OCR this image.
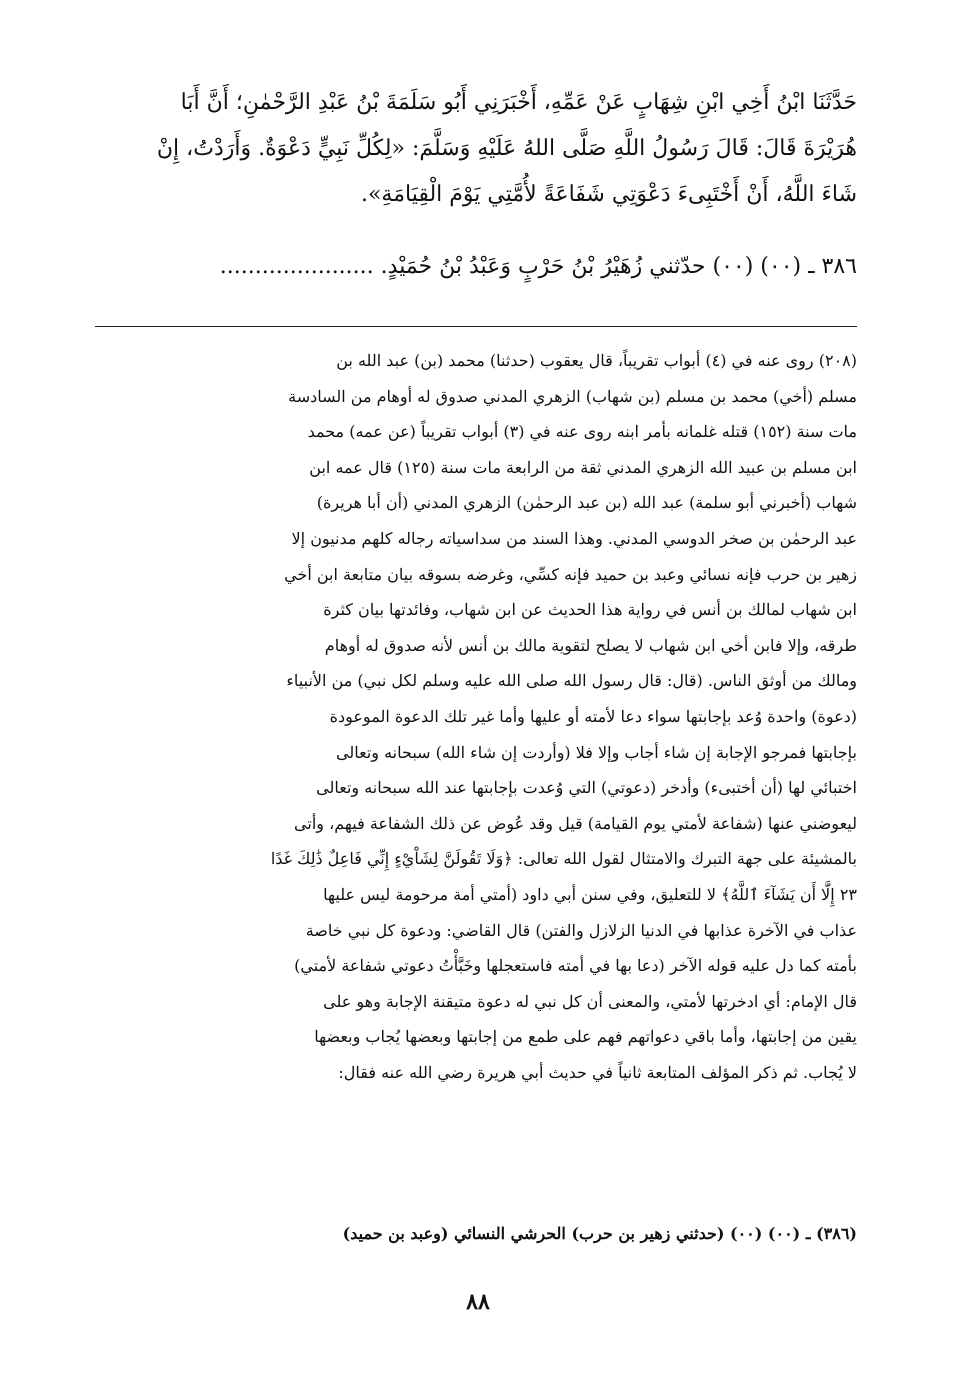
حَدَّثَنَا ابْنُ أَخِي ابْنِ شِهَابٍ عَنْ عَمِّهِ، أَخْبَرَنِي أَبُو سَلَمَةَ بْنُ عَبْدِ الرَّحْمٰنِ؛ أَنَّ أَبَا
هُرَيْرَةَ قَالَ: قَالَ رَسُولُ اللَّهِ صَلَّى اللهُ عَلَيْهِ وَسَلَّمَ: «لِكُلِّ نَبِيٍّ دَعْوَةٌ. وَأَرَدْتُ، إِنْ
شَاءَ اللَّهُ، أَنْ أَخْتَبِىءَ دَعْوَتِي شَفَاعَةً لأُمَّتِي يَوْمَ الْقِيَامَةِ».
٣٨٦ ـ (٠٠) (٠٠) حدّثني زُهَيْرُ بْنُ حَرْبٍ وَعَبْدُ بْنُ حُمَيْدٍ. ......................
(٢٠٨) روى عنه في (٤) أبواب تقريباً، قال يعقوب (حدثنا) محمد (بن) عبد الله بن
مسلم (أخي) محمد بن مسلم (بن شهاب) الزهري المدني صدوق له أوهام من السادسة
مات سنة (١٥٢) قتله غلمانه بأمر ابنه روى عنه في (٣) أبواب تقريباً (عن عمه) محمد
ابن مسلم بن عبيد الله الزهري المدني ثقة من الرابعة مات سنة (١٢٥) قال عمه ابن
شهاب (أخبرني أبو سلمة) عبد الله (بن عبد الرحمٰن) الزهري المدني (أن أبا هريرة)
عبد الرحمٰن بن صخر الدوسي المدني. وهذا السند من سداسياته رجاله كلهم مدنيون إلا
زهير بن حرب فإنه نسائي وعبد بن حميد فإنه كسِّي، وغرضه بسوقه بيان متابعة ابن أخي
ابن شهاب لمالك بن أنس في رواية هذا الحديث عن ابن شهاب، وفائدتها بيان كثرة
طرقه، وإلا فابن أخي ابن شهاب لا يصلح لتقوية مالك بن أنس لأنه صدوق له أوهام
ومالك من أوثق الناس. (قال: قال رسول الله صلى الله عليه وسلم لكل نبي) من الأنبياء
(دعوة) واحدة وُعد بإجابتها سواء دعا لأمته أو عليها وأما غير تلك الدعوة الموعودة
بإجابتها فمرجو الإجابة إن شاء أجاب وإلا فلا (وأردت إن شاء الله) سبحانه وتعالى
اختبائي لها (أن أختبىء) وأدخر (دعوتي) التي وُعدت بإجابتها عند الله سبحانه وتعالى
ليعوضني عنها (شفاعة لأمتي يوم القيامة) قيل وقد عُوض عن ذلك الشفاعة فيهم، وأتى
بالمشيئة على جهة التبرك والامتثال لقول الله تعالى: ﴿وَلَا تَقُولَنَّ لِشَاْيْءٍ إِنِّي فَاعِلٌ ذَٰلِكَ غَدًا
٢٣ إِلَّا أَن يَشَآءَ ٱللَّهُ﴾ لا للتعليق، وفي سنن أبي داود (أمتي أمة مرحومة ليس عليها
عذاب في الآخرة عذابها في الدنيا الزلازل والفتن) قال القاضي: ودعوة كل نبي خاصة
بأمته كما دل عليه قوله الآخر (دعا بها في أمته فاستعجلها وخَبَّأْتُ دعوتي شفاعة لأمتي)
قال الإمام: أي ادخرتها لأمتي، والمعنى أن كل نبي له دعوة متيقنة الإجابة وهو على
يقين من إجابتها، وأما باقي دعواتهم فهم على طمع من إجابتها وبعضها يُجاب وبعضها
لا يُجاب. ثم ذكر المؤلف المتابعة ثانياً في حديث أبي هريرة رضي الله عنه فقال:
(٣٨٦) ـ (٠٠) (٠٠) (حدثني زهير بن حرب) الحرشي النسائي (وعبد بن حميد)
٨٨
